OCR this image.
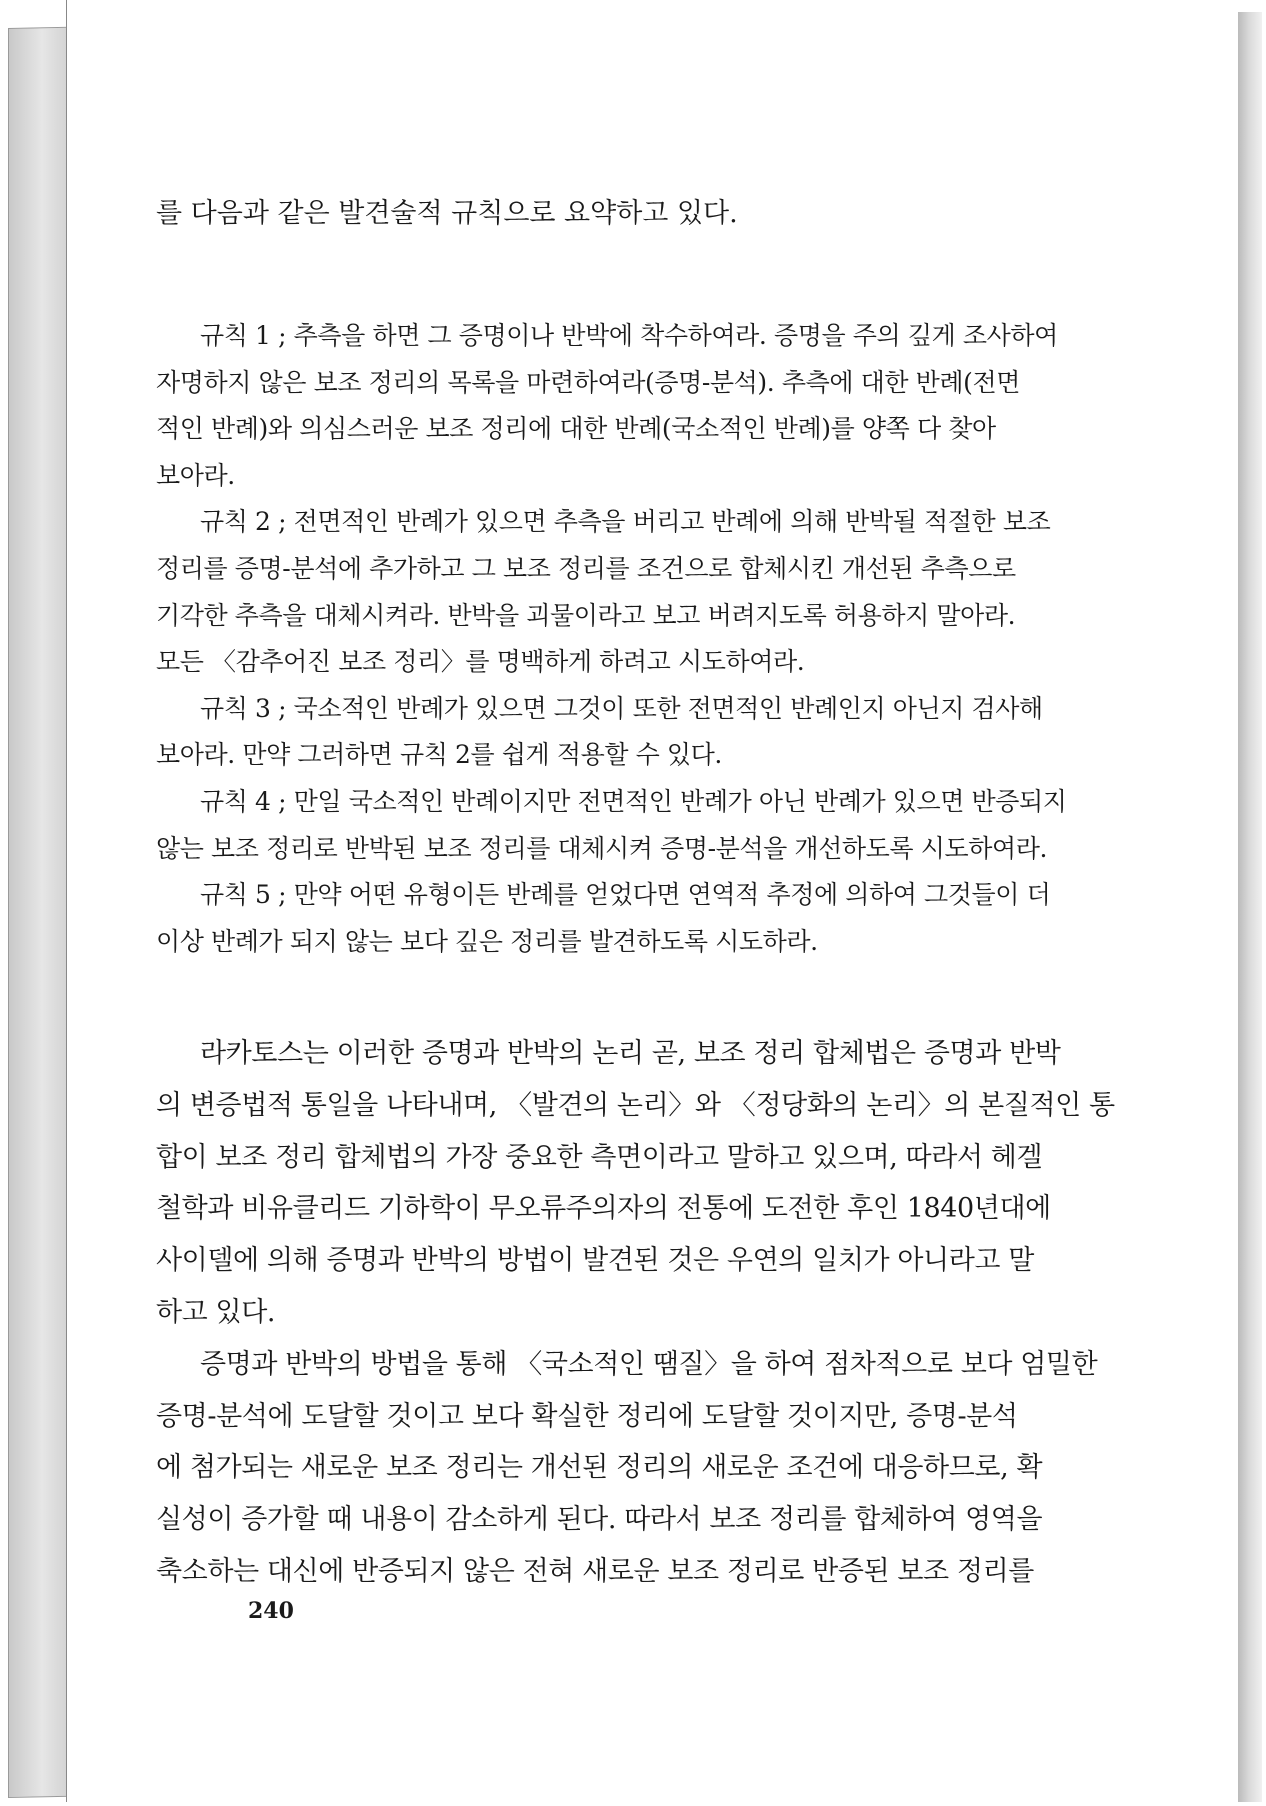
를 다음과 같은 발견술적 규칙으로 요약하고 있다.
규칙 1 ; 추측을 하면 그 증명이나 반박에 착수하여라. 증명을 주의 깊게 조사하여
자명하지 않은 보조 정리의 목록을 마련하여라(증명-분석). 추측에 대한 반례(전면
적인 반례)와 의심스러운 보조 정리에 대한 반례(국소적인 반례)를 양쪽 다 찾아
보아라.
규칙 2 ; 전면적인 반례가 있으면 추측을 버리고 반례에 의해 반박될 적절한 보조
정리를 증명-분석에 추가하고 그 보조 정리를 조건으로 합체시킨 개선된 추측으로
기각한 추측을 대체시켜라. 반박을 괴물이라고 보고 버려지도록 허용하지 말아라.
모든 〈감추어진 보조 정리〉를 명백하게 하려고 시도하여라.
규칙 3 ; 국소적인 반례가 있으면 그것이 또한 전면적인 반례인지 아닌지 검사해
보아라. 만약 그러하면 규칙 2를 쉽게 적용할 수 있다.
규칙 4 ; 만일 국소적인 반례이지만 전면적인 반례가 아닌 반례가 있으면 반증되지
않는 보조 정리로 반박된 보조 정리를 대체시켜 증명-분석을 개선하도록 시도하여라.
규칙 5 ; 만약 어떤 유형이든 반례를 얻었다면 연역적 추정에 의하여 그것들이 더
이상 반례가 되지 않는 보다 깊은 정리를 발견하도록 시도하라.
라카토스는 이러한 증명과 반박의 논리 곧, 보조 정리 합체법은 증명과 반박
의 변증법적 통일을 나타내며, 〈발견의 논리〉와 〈정당화의 논리〉의 본질적인 통
합이 보조 정리 합체법의 가장 중요한 측면이라고 말하고 있으며, 따라서 헤겔
철학과 비유클리드 기하학이 무오류주의자의 전통에 도전한 후인 1840년대에
사이델에 의해 증명과 반박의 방법이 발견된 것은 우연의 일치가 아니라고 말
하고 있다.
증명과 반박의 방법을 통해 〈국소적인 땜질〉을 하여 점차적으로 보다 엄밀한
증명-분석에 도달할 것이고 보다 확실한 정리에 도달할 것이지만, 증명-분석
에 첨가되는 새로운 보조 정리는 개선된 정리의 새로운 조건에 대응하므로, 확
실성이 증가할 때 내용이 감소하게 된다. 따라서 보조 정리를 합체하여 영역을
축소하는 대신에 반증되지 않은 전혀 새로운 보조 정리로 반증된 보조 정리를
240
